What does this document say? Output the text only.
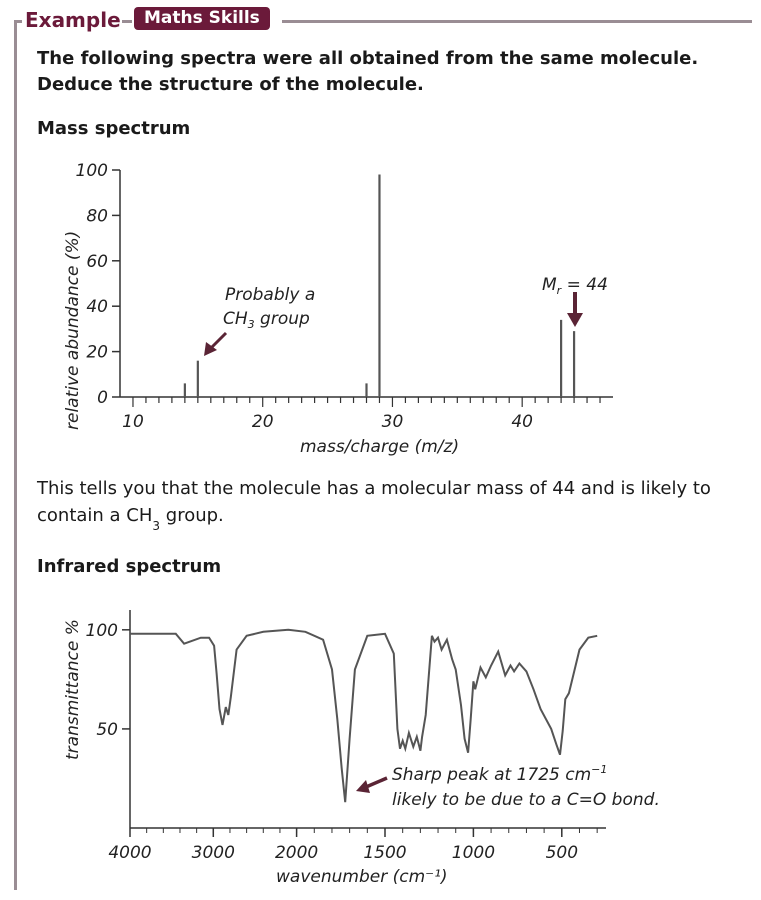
Example	Maths Skills
The following spectra were all obtained from the same molecule.
Deduce the structure of the molecule.
Mass spectrum
0
20
40
60
80
100
10	20	30	40
mass/charge (m/z)
relative abundance (%)	Probably a
$CH_3$ group
$M_r = 44$
This tells you that the molecule has a molecular mass of 44 and is likely to contain a $CH_3$ group.
Infrared spectrum
50
100
4000 3000 2000	1500	1000	500
wavenumber (cm⁻¹)
transmittance %
Sharp peak at 1725 $cm^{-1}$
likely to be due to a C=O bond.
